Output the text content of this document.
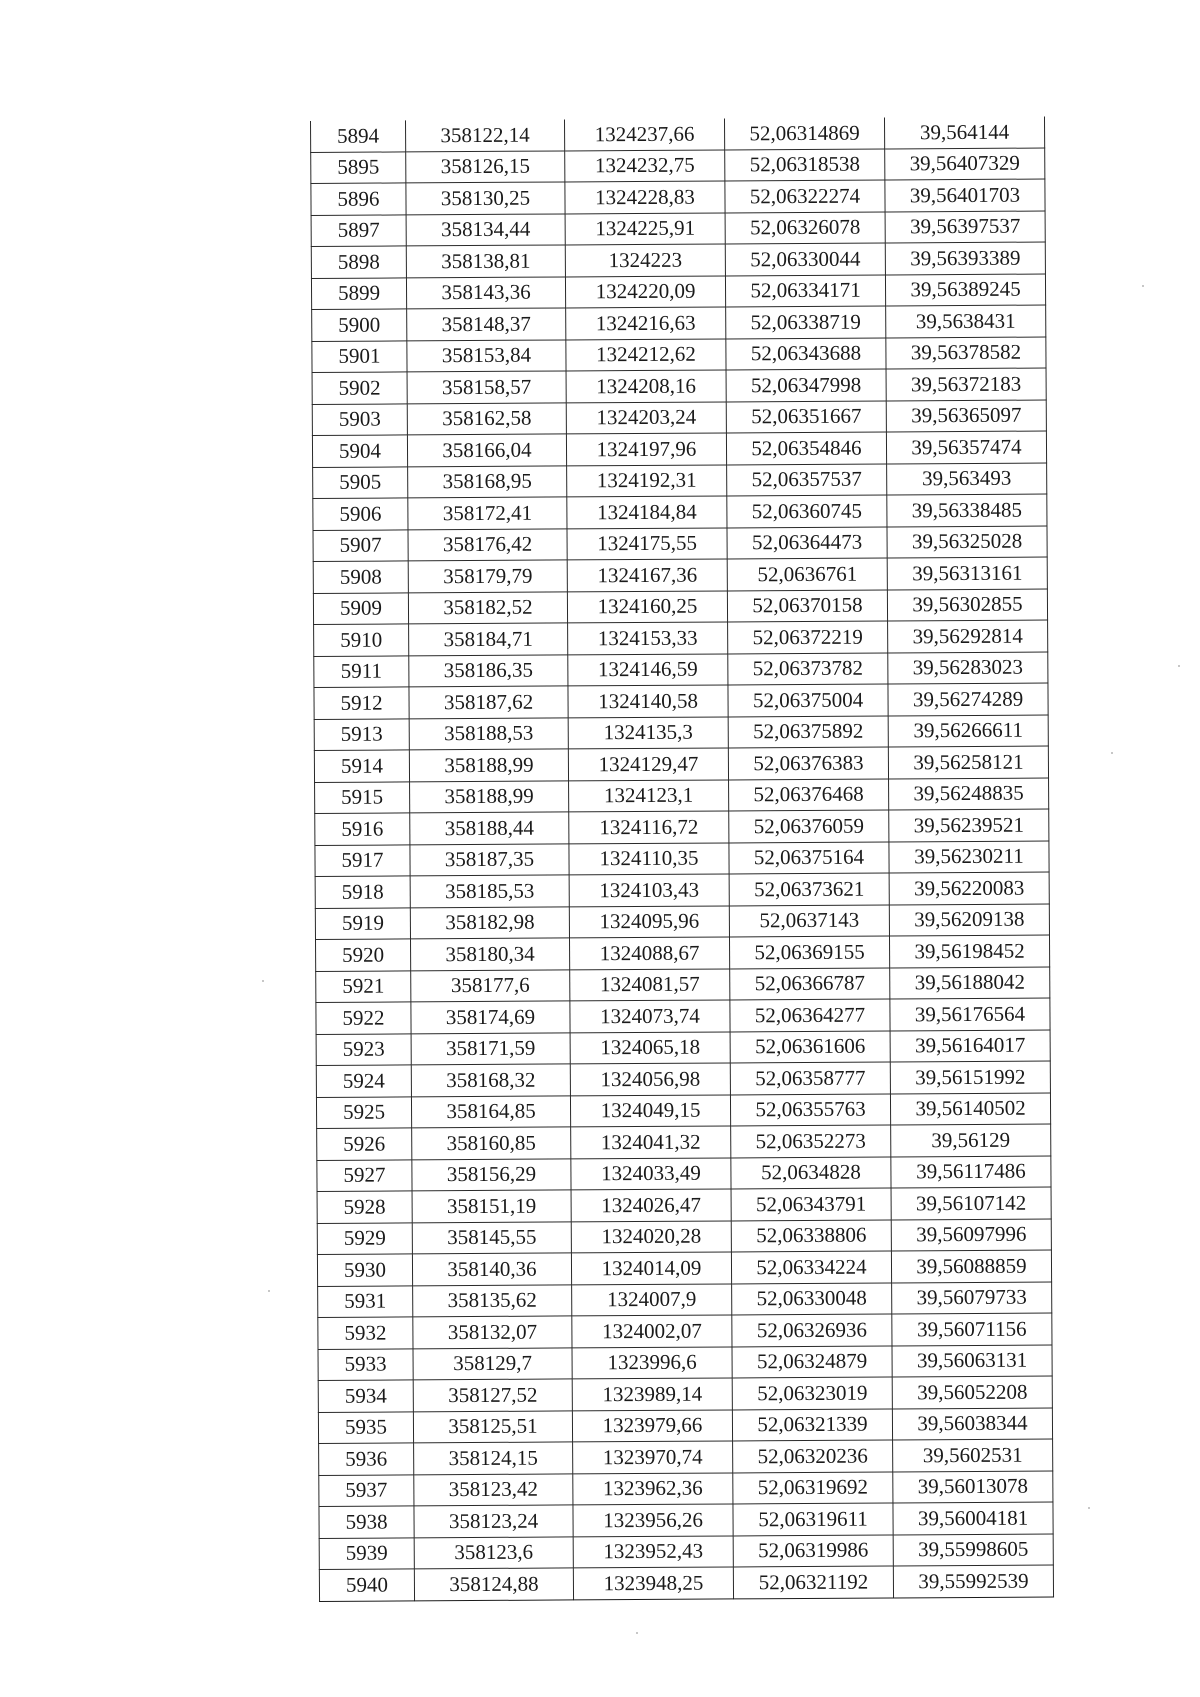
5894	358122,14	1324237,66	52,06314869	39,564144
5895	358126,15	1324232,75	52,06318538	39,56407329
5896	358130,25	1324228,83	52,06322274	39,56401703
5897	358134,44	1324225,91	52,06326078	39,56397537
5898	358138,81	1324223	52,06330044	39,56393389
5899	358143,36	1324220,09	52,06334171	39,56389245
5900	358148,37	1324216,63	52,06338719	39,5638431
5901	358153,84	1324212,62	52,06343688	39,56378582
5902	358158,57	1324208,16	52,06347998	39,56372183
5903	358162,58	1324203,24	52,06351667	39,56365097
5904	358166,04	1324197,96	52,06354846	39,56357474
5905	358168,95	1324192,31	52,06357537	39,563493
5906	358172,41	1324184,84	52,06360745	39,56338485
5907	358176,42	1324175,55	52,06364473	39,56325028
5908	358179,79	1324167,36	52,0636761	39,56313161
5909	358182,52	1324160,25	52,06370158	39,56302855
5910	358184,71	1324153,33	52,06372219	39,56292814
5911	358186,35	1324146,59	52,06373782	39,56283023
5912	358187,62	1324140,58	52,06375004	39,56274289
5913	358188,53	1324135,3	52,06375892	39,56266611
5914	358188,99	1324129,47	52,06376383	39,56258121
5915	358188,99	1324123,1	52,06376468	39,56248835
5916	358188,44	1324116,72	52,06376059	39,56239521
5917	358187,35	1324110,35	52,06375164	39,56230211
5918	358185,53	1324103,43	52,06373621	39,56220083
5919	358182,98	1324095,96	52,0637143	39,56209138
5920	358180,34	1324088,67	52,06369155	39,56198452
5921	358177,6	1324081,57	52,06366787	39,56188042
5922	358174,69	1324073,74	52,06364277	39,56176564
5923	358171,59	1324065,18	52,06361606	39,56164017
5924	358168,32	1324056,98	52,06358777	39,56151992
5925	358164,85	1324049,15	52,06355763	39,56140502
5926	358160,85	1324041,32	52,06352273	39,56129
5927	358156,29	1324033,49	52,0634828	39,56117486
5928	358151,19	1324026,47	52,06343791	39,56107142
5929	358145,55	1324020,28	52,06338806	39,56097996
5930	358140,36	1324014,09	52,06334224	39,56088859
5931	358135,62	1324007,9	52,06330048	39,56079733
5932	358132,07	1324002,07	52,06326936	39,56071156
5933	358129,7	1323996,6	52,06324879	39,56063131
5934	358127,52	1323989,14	52,06323019	39,56052208
5935	358125,51	1323979,66	52,06321339	39,56038344
5936	358124,15	1323970,74	52,06320236	39,5602531
5937	358123,42	1323962,36	52,06319692	39,56013078
5938	358123,24	1323956,26	52,06319611	39,56004181
5939	358123,6	1323952,43	52,06319986	39,55998605
5940	358124,88	1323948,25	52,06321192	39,55992539
